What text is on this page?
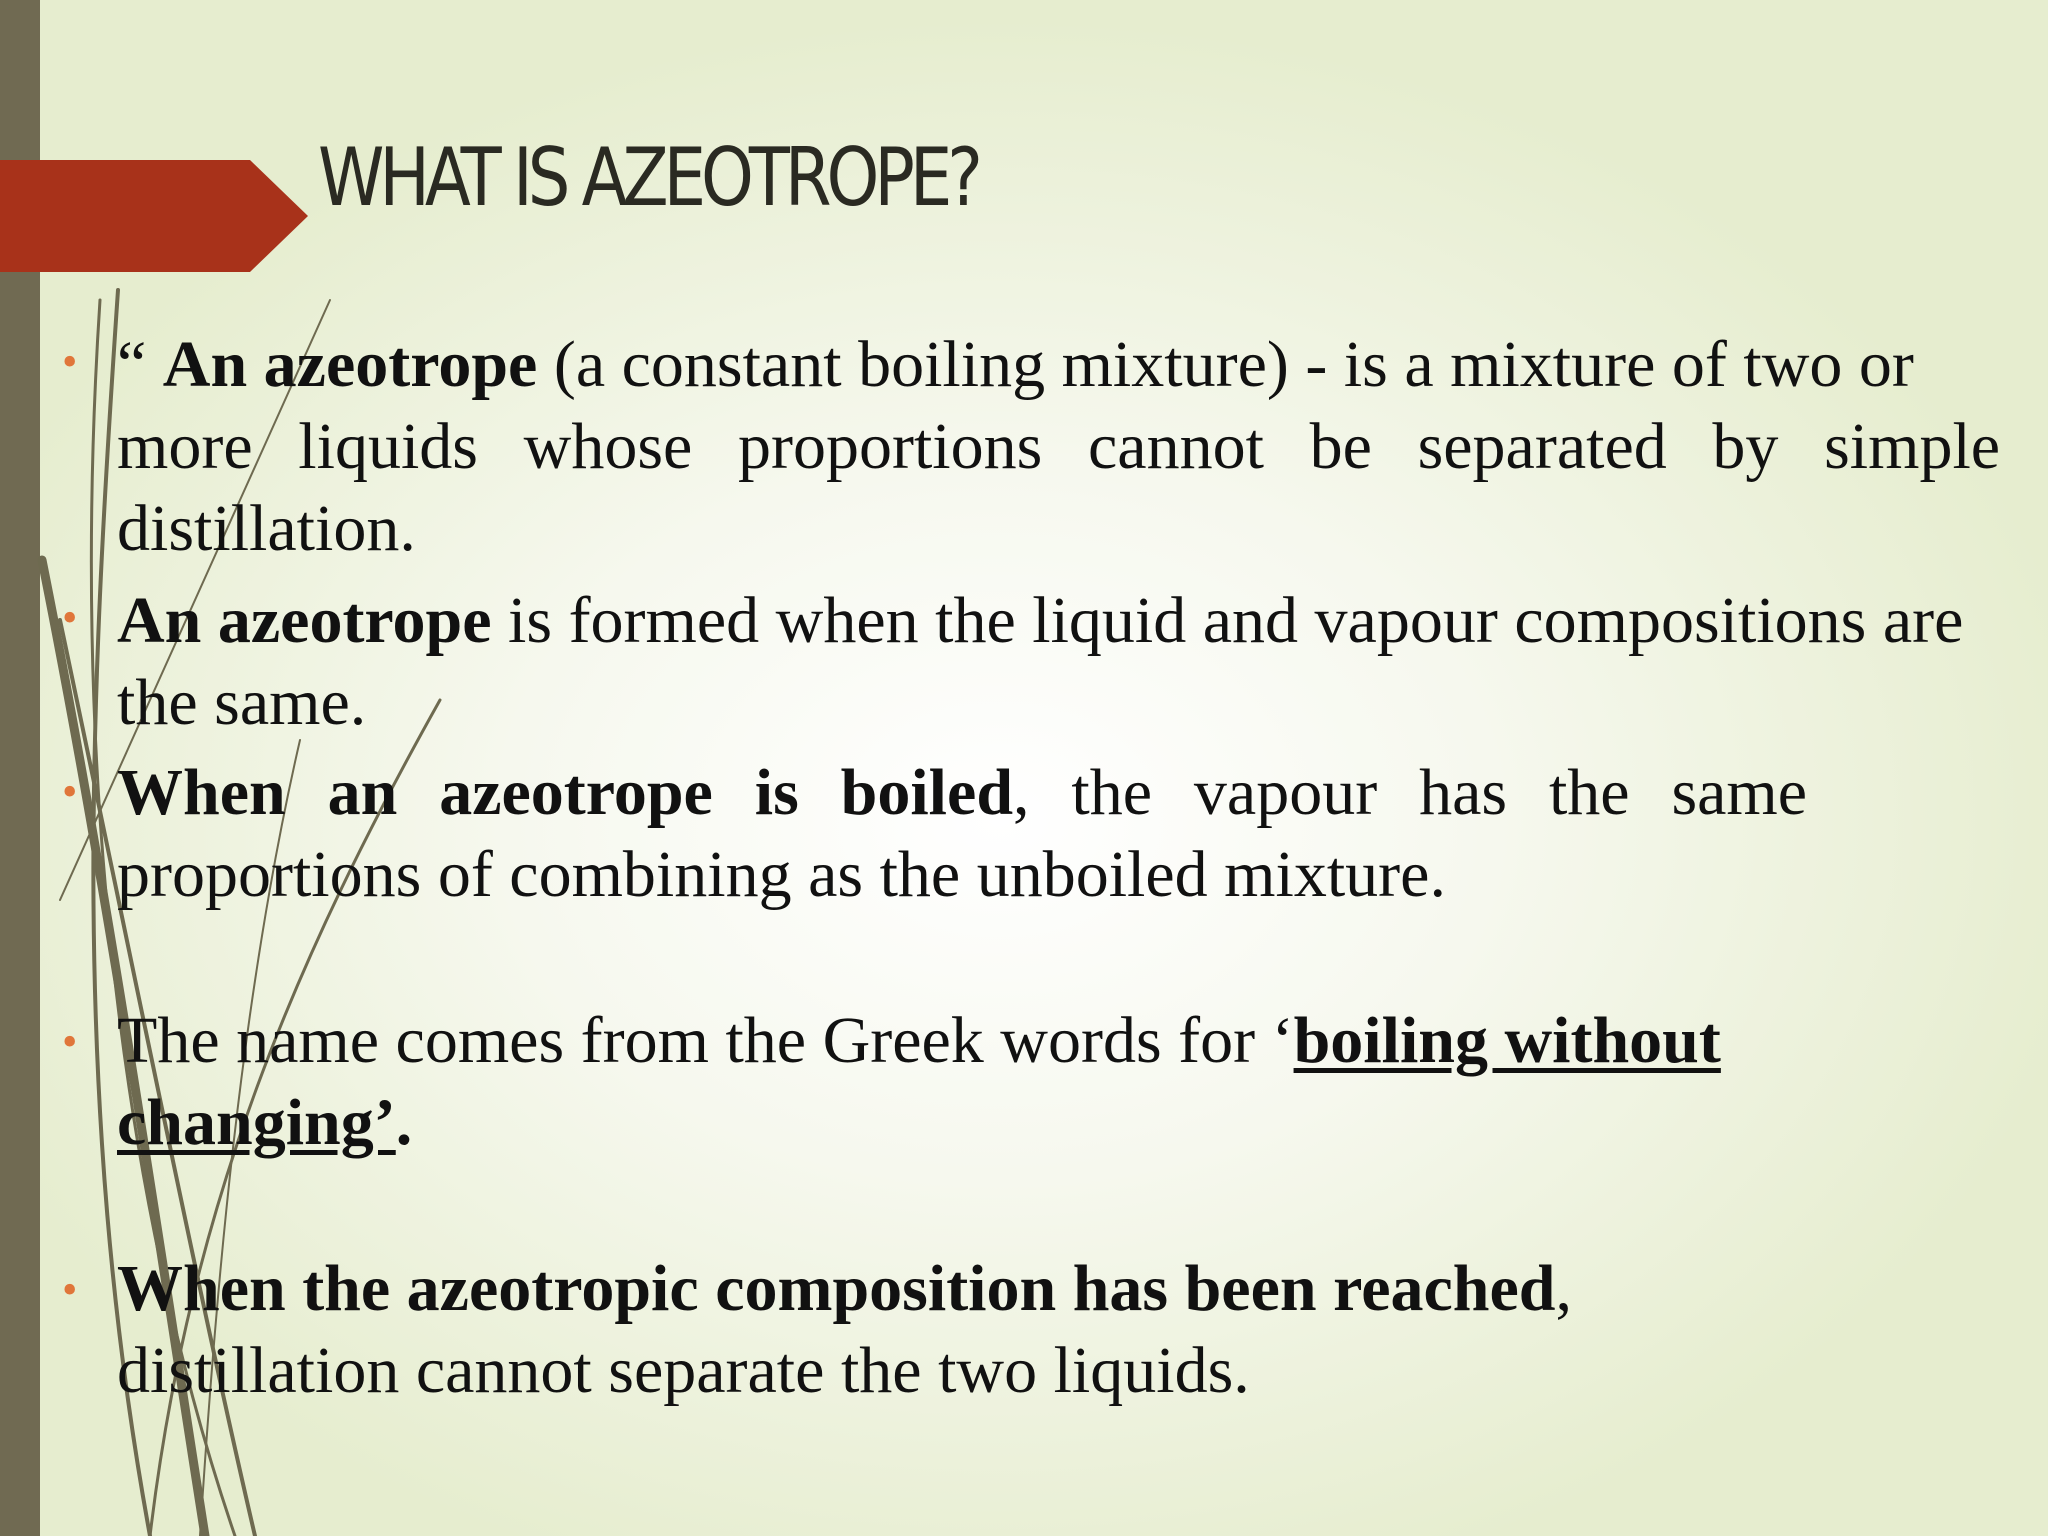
WHAT IS AZEOTROPE?
• “ An azeotrope (a constant boiling mixture) - is a mixture of two or
more liquids whose proportions cannot be separated by simple
distillation.
• An azeotrope is formed when the liquid and vapour compositions are
the same.
• When an azeotrope is boiled, the vapour has the same
proportions of combining as the unboiled mixture.
• The name comes from the Greek words for ‘boiling without
changing’.
• When the azeotropic composition has been reached,
distillation cannot separate the two liquids.
